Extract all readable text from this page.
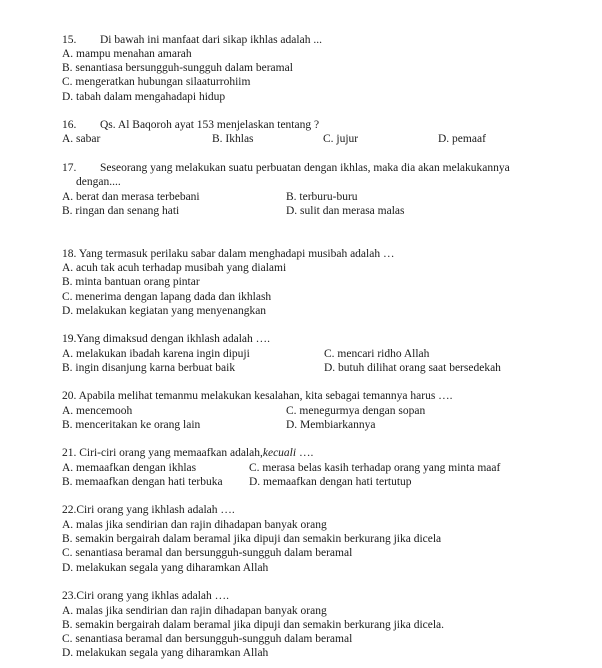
15. Di bawah ini manfaat dari sikap ikhlas adalah ...
A. mampu menahan amarah
B. senantiasa bersungguh-sungguh dalam beramal
C. mengeratkan hubungan silaaturrohiim
D. tabah dalam mengahadapi hidup
16. Qs. Al Baqoroh ayat 153 menjelaskan tentang ?
A. sabar	B. Ikhlas	C. jujur	D. pemaaf
17. Seseorang yang melakukan suatu perbuatan dengan ikhlas, maka dia akan melakukannya
dengan....
A. berat dan merasa terbebani	B. terburu-buru
B. ringan dan senang hati	D. sulit dan merasa malas
18. Yang termasuk perilaku sabar dalam menghadapi musibah adalah …
A. acuh tak acuh terhadap musibah yang dialami
B. minta bantuan orang pintar
C. menerima dengan lapang dada dan ikhlash
D. melakukan kegiatan yang menyenangkan
19.Yang dimaksud dengan ikhlash adalah ….
A. melakukan ibadah karena ingin dipuji	C. mencari ridho Allah
B. ingin disanjung karna berbuat baik	D. butuh dilihat orang saat bersedekah
20. Apabila melihat temanmu melakukan kesalahan, kita sebagai temannya harus ….
A. mencemooh	C. menegurmya dengan sopan
B. menceritakan ke orang lain	D. Membiarkannya
21. Ciri-ciri orang yang memaafkan adalah,kecuali ….
A. memaafkan dengan ikhlas	C. merasa belas kasih terhadap orang yang minta maaf
B. memaafkan dengan hati terbuka D. memaafkan dengan hati tertutup
22.Ciri orang yang ikhlash adalah ….
A. malas jika sendirian dan rajin dihadapan banyak orang
B. semakin bergairah dalam beramal jika dipuji dan semakin berkurang jika dicela
C. senantiasa beramal dan bersungguh-sungguh dalam beramal
D. melakukan segala yang diharamkan Allah
23.Ciri orang yang ikhlas adalah ….
A. malas jika sendirian dan rajin dihadapan banyak orang
B. semakin bergairah dalam beramal jika dipuji dan semakin berkurang jika dicela.
C. senantiasa beramal dan bersungguh-sungguh dalam beramal
D. melakukan segala yang diharamkan Allah
